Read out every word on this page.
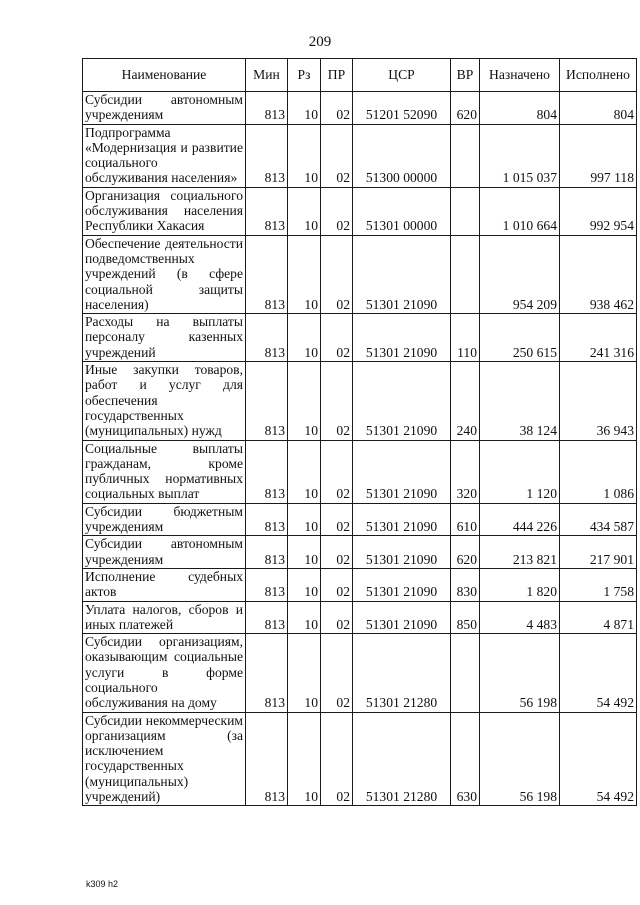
209
Наименование	Мин	Рз	ПР	ЦСР	ВР	Назначено	Исполнено
Субсидии автономным учреждениям	813	10	02	51201 52090	620	804	804
Подпрограмма «Модернизация и развитие социального обслуживания населения»	813	10	02	51300 00000		1 015 037	997 118
Организация социального обслуживания населения Республики Хакасия	813	10	02	51301 00000		1 010 664	992 954
Обеспечение деятельности подведомственных учреждений (в сфере социальной защиты населения)	813	10	02	51301 21090		954 209	938 462
Расходы на выплаты персоналу казенных учреждений	813	10	02	51301 21090	110	250 615	241 316
Иные закупки товаров, работ и услуг для обеспечения государственных (муниципальных) нужд	813	10	02	51301 21090	240	38 124	36 943
Социальные выплаты гражданам, кроме публичных нормативных социальных выплат	813	10	02	51301 21090	320	1 120	1 086
Субсидии бюджетным учреждениям	813	10	02	51301 21090	610	444 226	434 587
Субсидии автономным учреждениям	813	10	02	51301 21090	620	213 821	217 901
Исполнение судебных актов	813	10	02	51301 21090	830	1 820	1 758
Уплата налогов, сборов и иных платежей	813	10	02	51301 21090	850	4 483	4 871
Субсидии организациям, оказывающим социальные услуги в форме социального обслуживания на дому	813	10	02	51301 21280		56 198	54 492
Субсидии некоммерческим организациям (за исключением государственных (муниципальных) учреждений)	813	10	02	51301 21280	630	56 198	54 492
k309 h2
